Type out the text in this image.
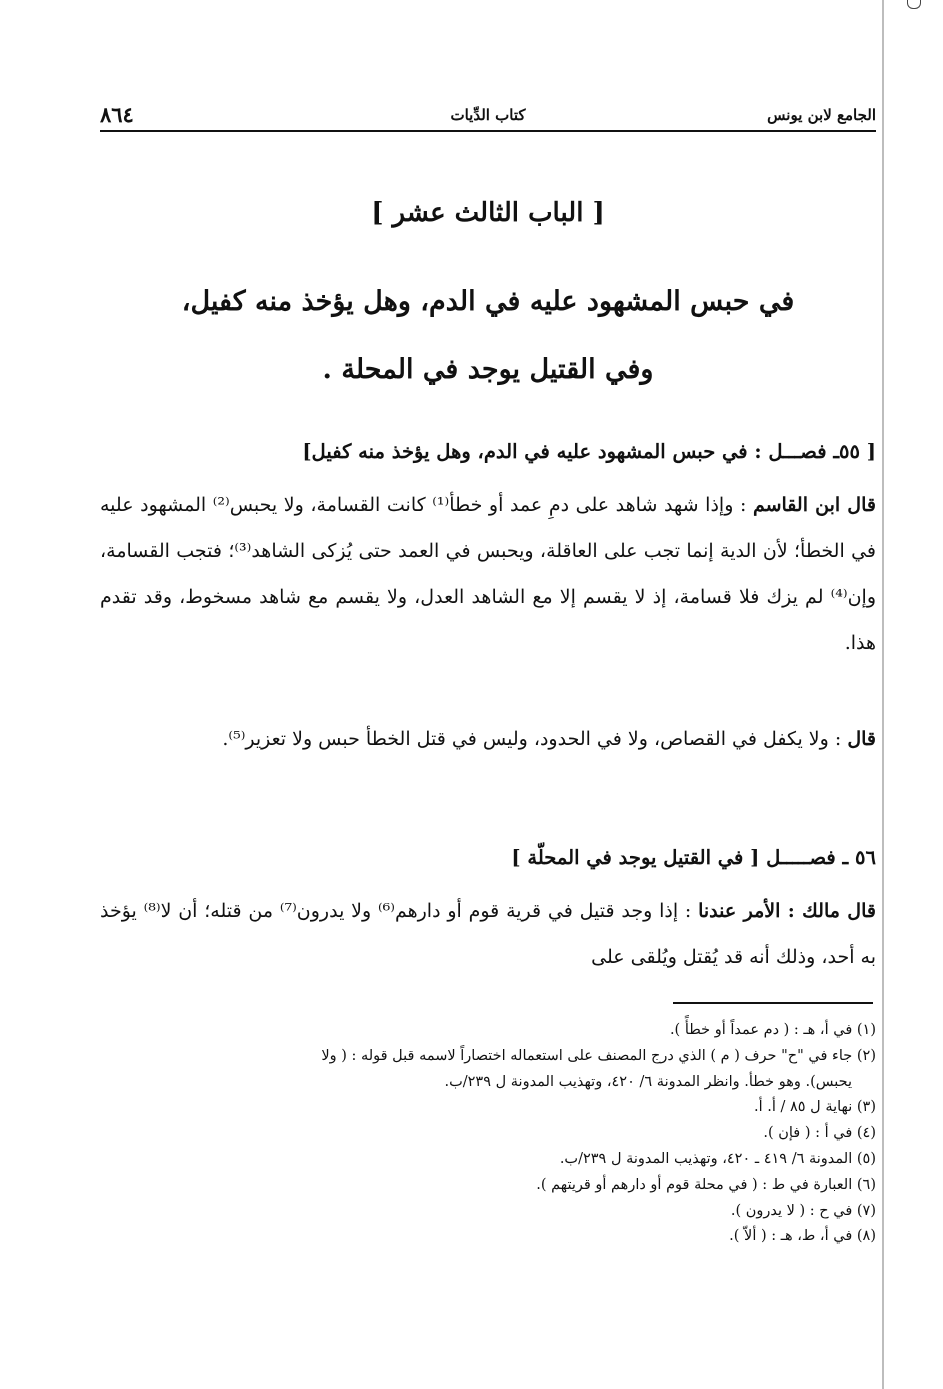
الجامع لابن يونس
كتاب الدِّيات
٨٦٤
[ الباب الثالث عشر ]
في حبس المشهود عليه في الدم، وهل يؤخذ منه كفيل،
وفي القتيل يوجد في المحلة .
[ ٥٥ـ فصـــل : في حبس المشهود عليه في الدم، وهل يؤخذ منه كفيل]
قال ابن القاسم : وإذا شهد شاهد على دمِ عمد أو خطأ⁽¹⁾ كانت القسامة، ولا يحبس⁽²⁾ المشهود عليه في الخطأ؛ لأن الدية إنما تجب على العاقلة، ويحبس في العمد حتى يُزكى الشاهد⁽³⁾؛ فتجب القسامة، وإن⁽⁴⁾ لم يزك فلا قسامة، إذ لا يقسم إلا مع الشاهد العدل، ولا يقسم مع شاهد مسخوط، وقد تقدم هذا.
قال : ولا يكفل في القصاص، ولا في الحدود، وليس في قتل الخطأ حبس ولا تعزير⁽⁵⁾.
٥٦ ـ فصـــــل [ في القتيل يوجد في المحلّة ]
قال مالك : الأمر عندنا : إذا وجد قتيل في قرية قوم أو دارهم⁽⁶⁾ ولا يدرون⁽⁷⁾ من قتله؛ أن لا⁽⁸⁾ يؤخذ به أحد، وذلك أنه قد يُقتل ويُلقى على
(١) في أ، هـ : ( دم عمداً أو خطأً ).
(٢) جاء في "ح" حرف ( م ) الذي درج المصنف على استعماله اختصاراً لاسمه قبل قوله : ( ولا
يحبس). وهو خطأ. وانظر المدونة ٦/ ٤٢٠، وتهذيب المدونة ل ٢٣٩/ب.
(٣) نهاية ل ٨٥ / أ. أ.
(٤) في أ : ( فإن ).
(٥) المدونة ٦/ ٤١٩ ـ ٤٢٠، وتهذيب المدونة ل ٢٣٩/ب.
(٦) العبارة في ط : ( في محلة قوم أو دارهم أو قريتهم ).
(٧) في ح : ( لا يدرون ).
(٨) في أ، ط، هـ : ( ألاّ ).
